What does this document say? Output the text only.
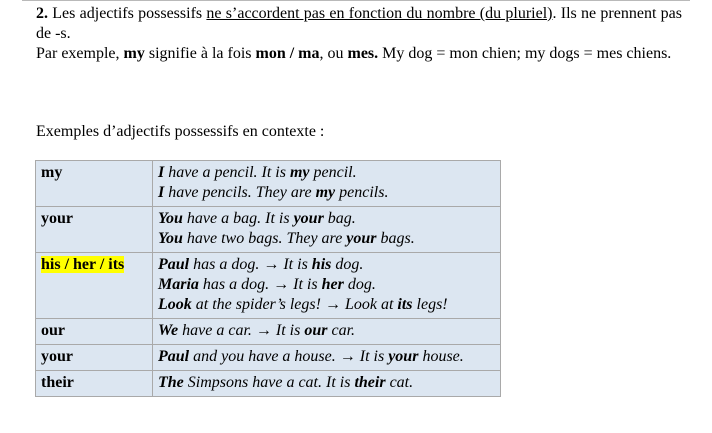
2. Les adjectifs possessifs ne s’accordent pas en fonction du nombre (du pluriel). Ils ne prennent pas de -s.

Par exemple, my signifie à la fois mon / ma, ou mes. My dog = mon chien; my dogs = mes chiens.

Exemples d’adjectifs possessifs en contexte :
my	I have a pencil. It is my pencil.
I have pencils. They are my pencils.

your	You have a bag. It is your bag.
You have two bags. They are your bags.

his / her / its	Paul has a dog. → It is his dog.
Maria has a dog. → It is her dog.
Look at the spider’s legs! → Look at its legs!

our	We have a car. → It is our car.

your	Paul and you have a house. → It is your house.

their	The Simpsons have a cat. It is their cat.
